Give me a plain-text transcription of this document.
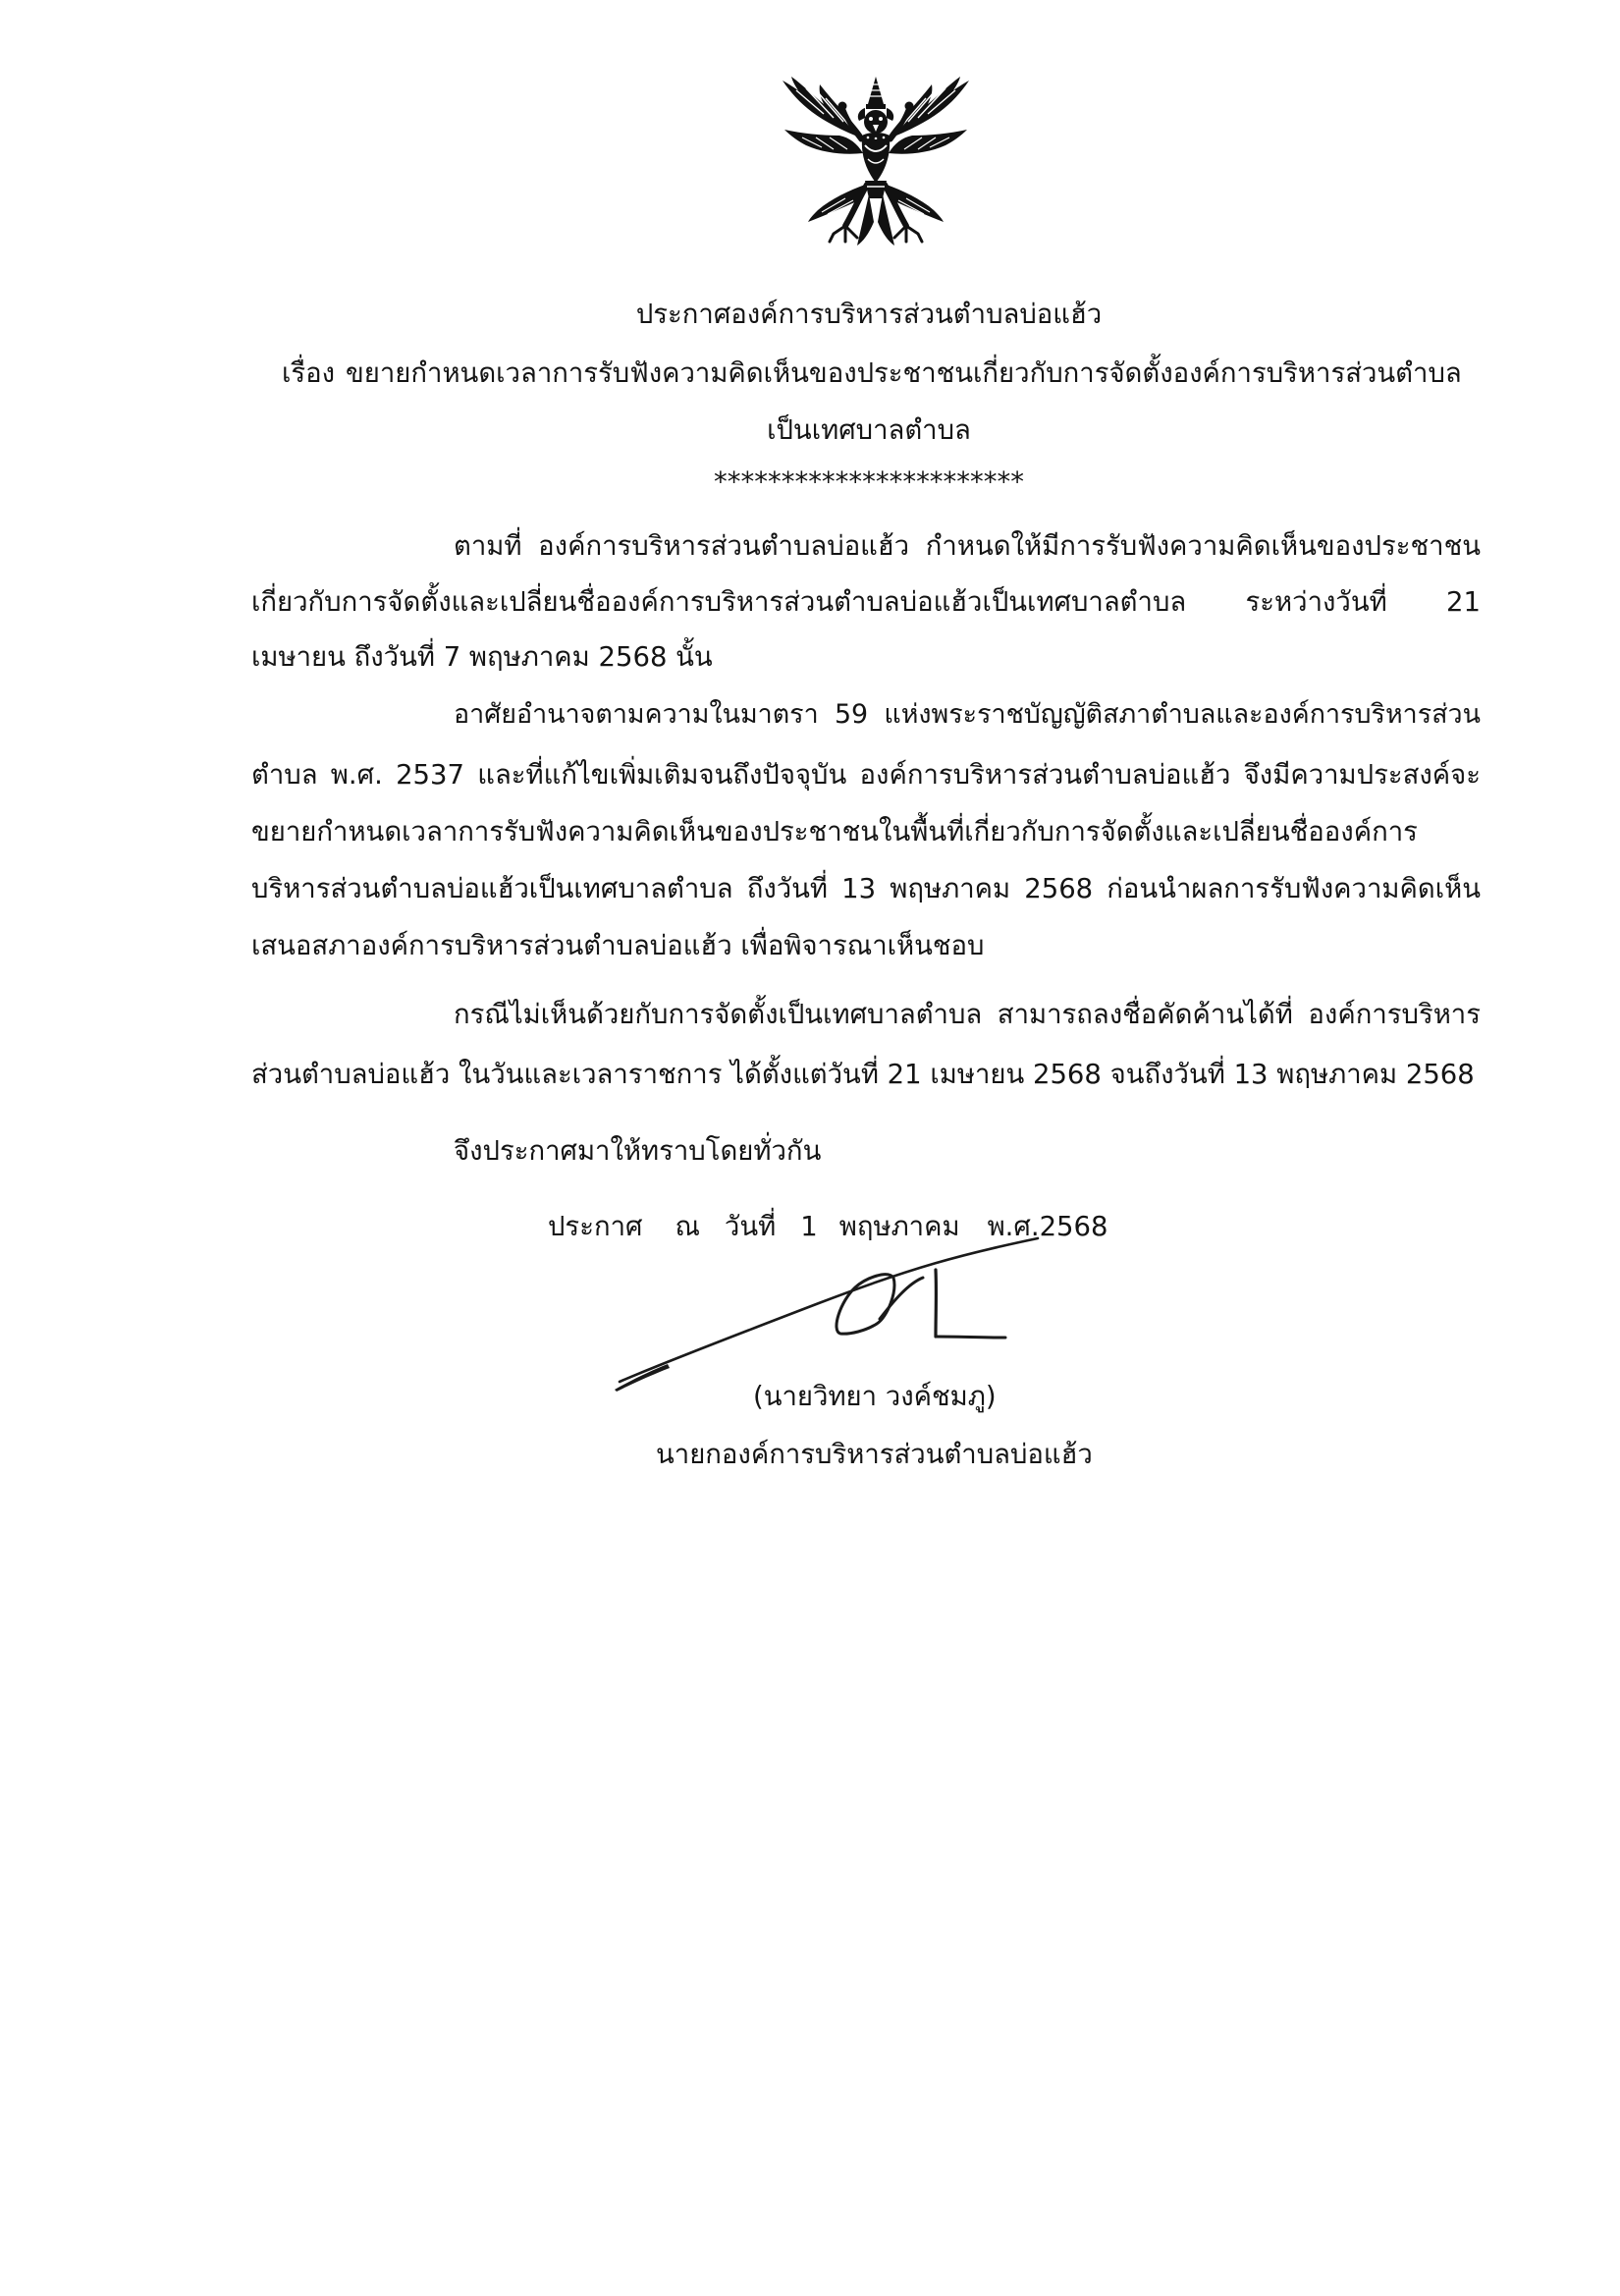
ประกาศองค์การบริหารส่วนตำบลบ่อแฮ้ว
เรื่อง ขยายกำหนดเวลาการรับฟังความคิดเห็นของประชาชนเกี่ยวกับการจัดตั้งองค์การบริหารส่วนตำบล
เป็นเทศบาลตำบล
***********************
ตามที่ องค์การบริหารส่วนตำบลบ่อแฮ้ว กำหนดให้มีการรับฟังความคิดเห็นของประชาชน
เกี่ยวกับการจัดตั้งและเปลี่ยนชื่อองค์การบริหารส่วนตำบลบ่อแฮ้วเป็นเทศบาลตำบล ระหว่างวันที่ 21
เมษายน ถึงวันที่ 7 พฤษภาคม 2568 นั้น
อาศัยอำนาจตามความในมาตรา 59 แห่งพระราชบัญญัติสภาตำบลและองค์การบริหารส่วน
ตำบล พ.ศ. 2537 และที่แก้ไขเพิ่มเติมจนถึงปัจจุบัน องค์การบริหารส่วนตำบลบ่อแฮ้ว จึงมีความประสงค์จะ
ขยายกำหนดเวลาการรับฟังความคิดเห็นของประชาชนในพื้นที่เกี่ยวกับการจัดตั้งและเปลี่ยนชื่อองค์การ
บริหารส่วนตำบลบ่อแฮ้วเป็นเทศบาลตำบล ถึงวันที่ 13 พฤษภาคม 2568 ก่อนนำผลการรับฟังความคิดเห็น
เสนอสภาองค์การบริหารส่วนตำบลบ่อแฮ้ว เพื่อพิจารณาเห็นชอบ
กรณีไม่เห็นด้วยกับการจัดตั้งเป็นเทศบาลตำบล สามารถลงชื่อคัดค้านได้ที่ องค์การบริหาร
ส่วนตำบลบ่อแฮ้ว ในวันและเวลาราชการ ได้ตั้งแต่วันที่ 21 เมษายน 2568 จนถึงวันที่ 13 พฤษภาคม 2568
จึงประกาศมาให้ทราบโดยทั่วกัน
ประกาศ ณ วันที่ 1 พฤษภาคม พ.ศ.2568
(นายวิทยา วงค์ชมภู)
นายกองค์การบริหารส่วนตำบลบ่อแฮ้ว
